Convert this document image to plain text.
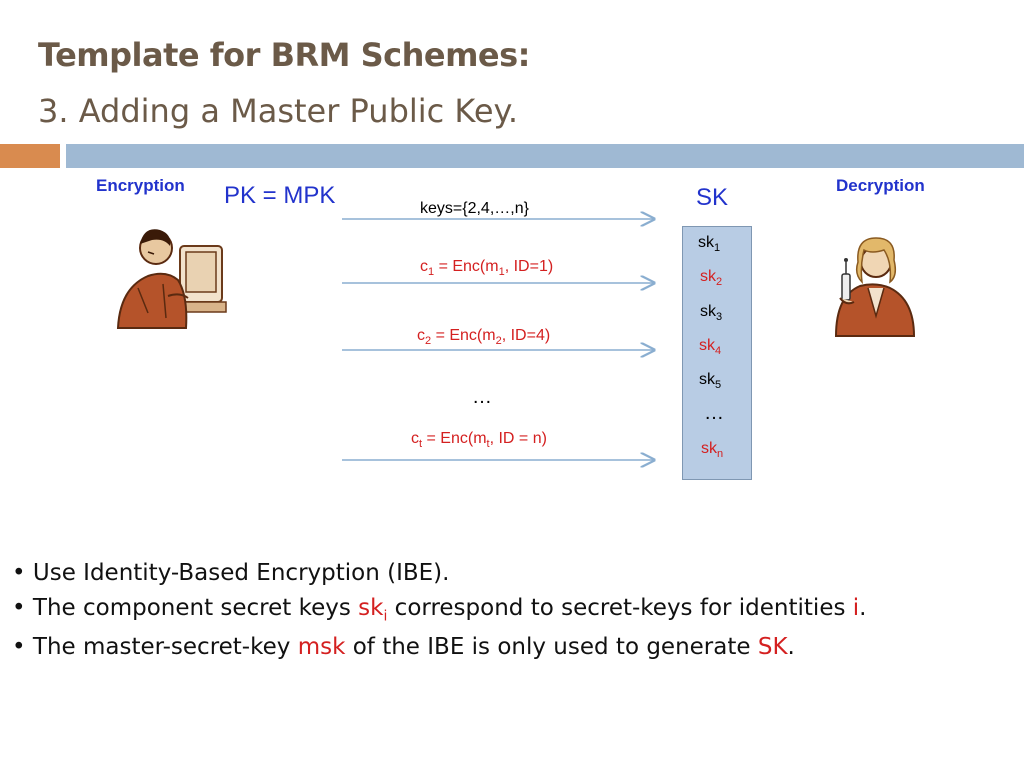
Template for BRM Schemes:
3. Adding a Master Public Key.
Encryption	Decryption
PK = MPK	SK
keys={2,4,…,n}
$c_1 = Enc(m_1$, ID=1)
$c_2 = Enc(m_2$, ID=4)
…
$c_t = Enc(m_t$, ID = n)
$sk_1$
$sk_2$
$sk_3$
$sk_4$
$sk_5$
…
$sk_n$
• Use Identity-Based Encryption (IBE).
• The component secret keys $sk_i$ correspond to secret-keys for identities i.
• The master-secret-key msk of the IBE is only used to generate SK.
